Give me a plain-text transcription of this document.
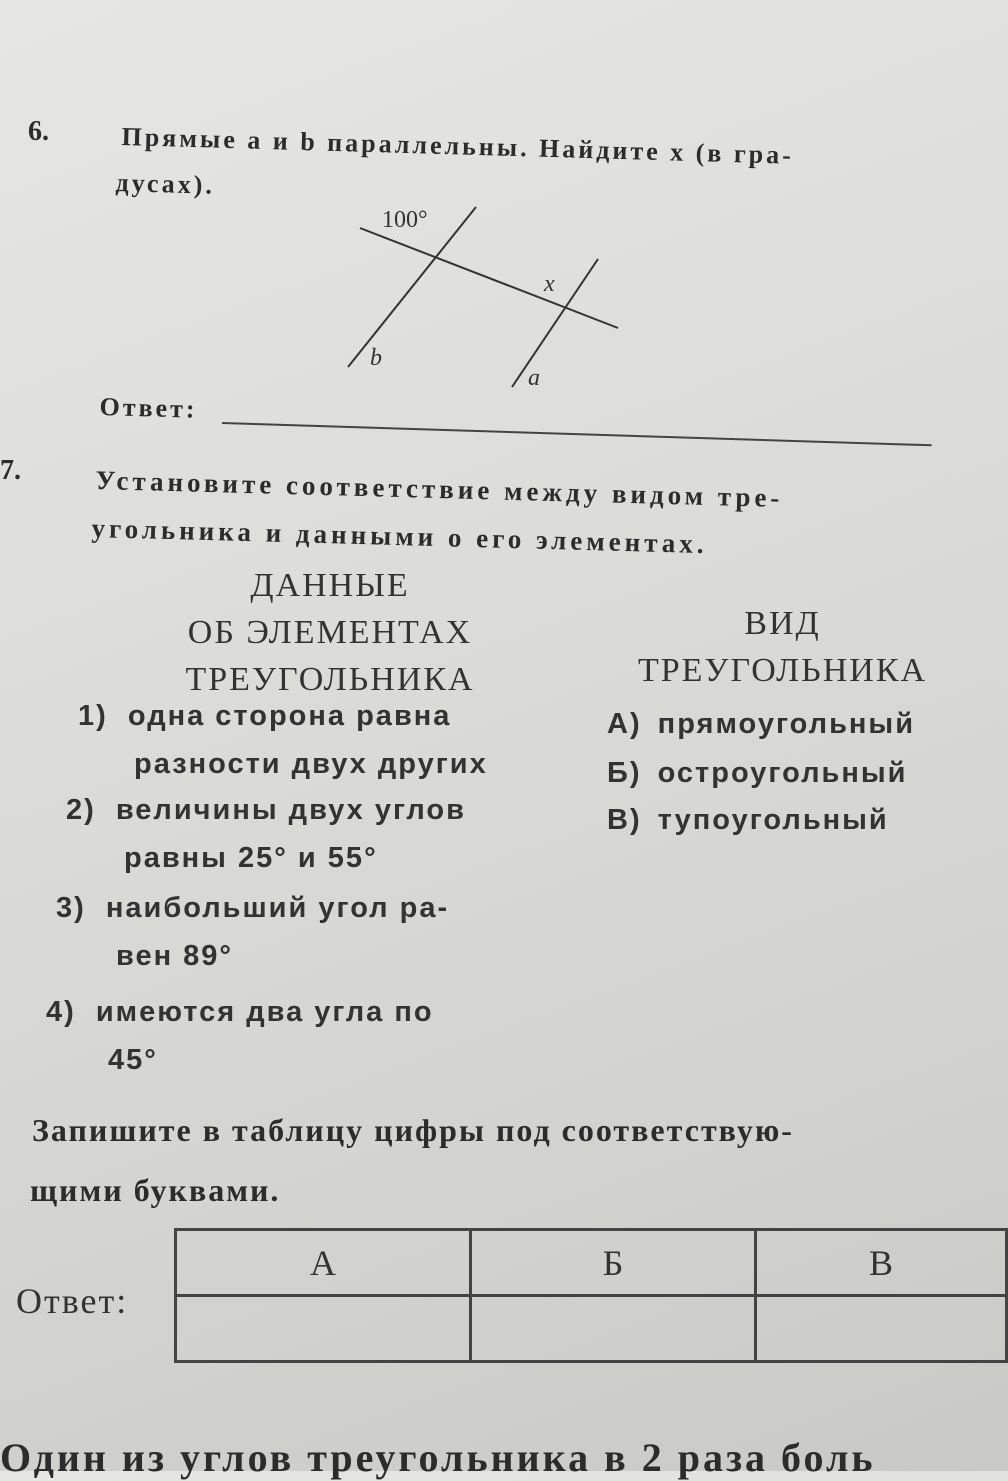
6.	Прямые a и b параллельны. Найдите x (в гра-
дусах).
100°
x
b
a
Ответ:
7.	Установите соответствие между видом тре-
угольника и данными о его элементах.
ДАННЫЕ
ОБ ЭЛЕМЕНТАХ
ТРЕУГОЛЬНИКА
ВИД
ТРЕУГОЛЬНИКА
1) одна сторона равна
разности двух других
2) величины двух углов
равны 25° и 55°
3) наибольший угол ра-
вен 89°
4) имеются два угла по
45°
А) прямоугольный
Б) остроугольный
В) тупоугольный
Запишите в таблицу цифры под соответствую-
щими буквами.
Ответ:
А	Б	В

Один из углов треугольника в 2 раза боль
